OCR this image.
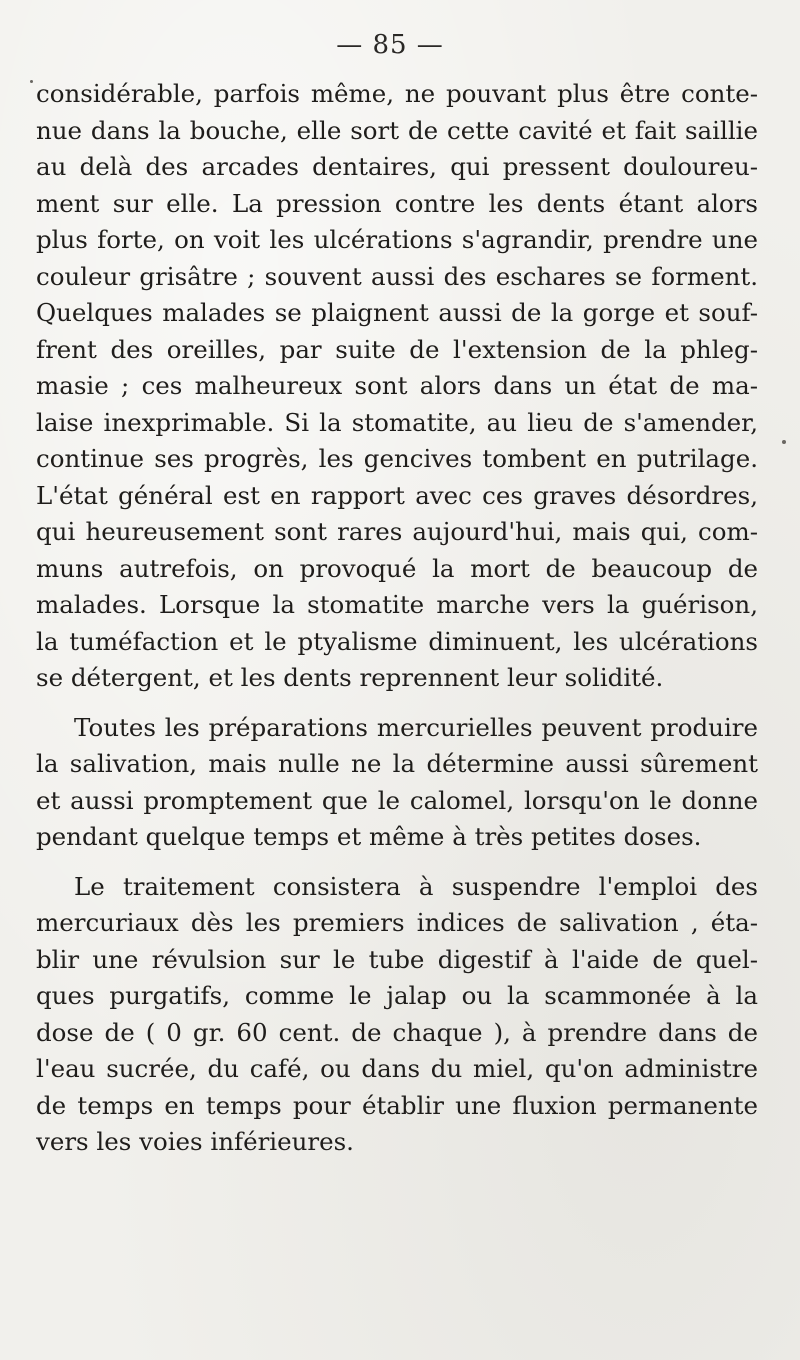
— 85 —
considérable, parfois même, ne pouvant plus être conte-
nue dans la bouche, elle sort de cette cavité et fait saillie
au delà des arcades dentaires, qui pressent douloureu-
ment sur elle. La pression contre les dents étant alors
plus forte, on voit les ulcérations s'agrandir, prendre une
couleur grisâtre ; souvent aussi des eschares se forment.
Quelques malades se plaignent aussi de la gorge et souf-
frent des oreilles, par suite de l'extension de la phleg-
masie ; ces malheureux sont alors dans un état de ma-
laise inexprimable. Si la stomatite, au lieu de s'amender,
continue ses progrès, les gencives tombent en putrilage.
L'état général est en rapport avec ces graves désordres,
qui heureusement sont rares aujourd'hui, mais qui, com-
muns autrefois, on provoqué la mort de beaucoup de
malades. Lorsque la stomatite marche vers la guérison,
la tuméfaction et le ptyalisme diminuent, les ulcérations
se détergent, et les dents reprennent leur solidité.
Toutes les préparations mercurielles peuvent produire
la salivation, mais nulle ne la détermine aussi sûrement
et aussi promptement que le calomel, lorsqu'on le donne
pendant quelque temps et même à très petites doses.
Le traitement consistera à suspendre l'emploi des
mercuriaux dès les premiers indices de salivation , éta-
blir une révulsion sur le tube digestif à l'aide de quel-
ques purgatifs, comme le jalap ou la scammonée à la
dose de ( 0 gr. 60 cent. de chaque ), à prendre dans de
l'eau sucrée, du café, ou dans du miel, qu'on administre
de temps en temps pour établir une fluxion permanente
vers les voies inférieures.
